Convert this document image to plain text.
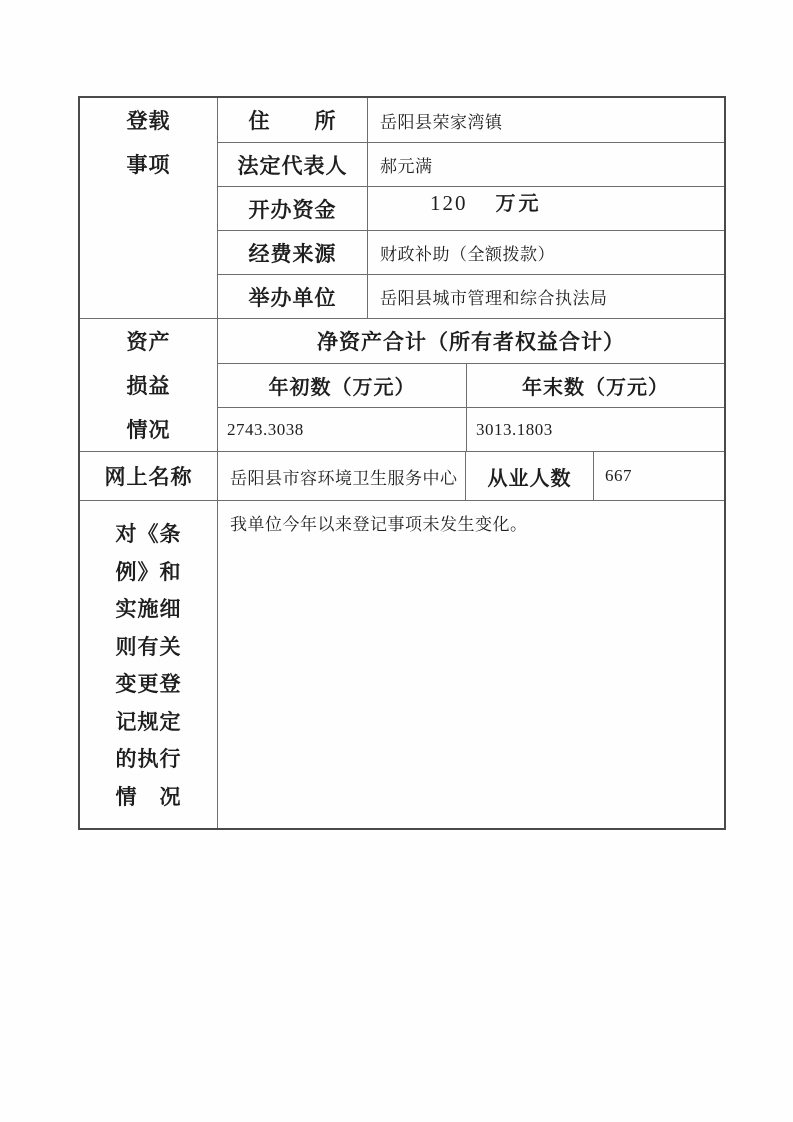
登载
事项
住　　所	岳阳县荣家湾镇
法定代表人 郝元满
开办资金	120 万元
经费来源	财政补助（全额拨款）
举办单位	岳阳县城市管理和综合执法局
资产
损益
情况
净资产合计（所有者权益合计）
年初数（万元）	年末数（万元）
2743.3038	3013.1803
网上名称 岳阳县市容环境卫生服务中心 从业人数 667
对《条
例》和
实施细
则有关
变更登
记规定
的执行
情　况
我单位今年以来登记事项未发生变化。
